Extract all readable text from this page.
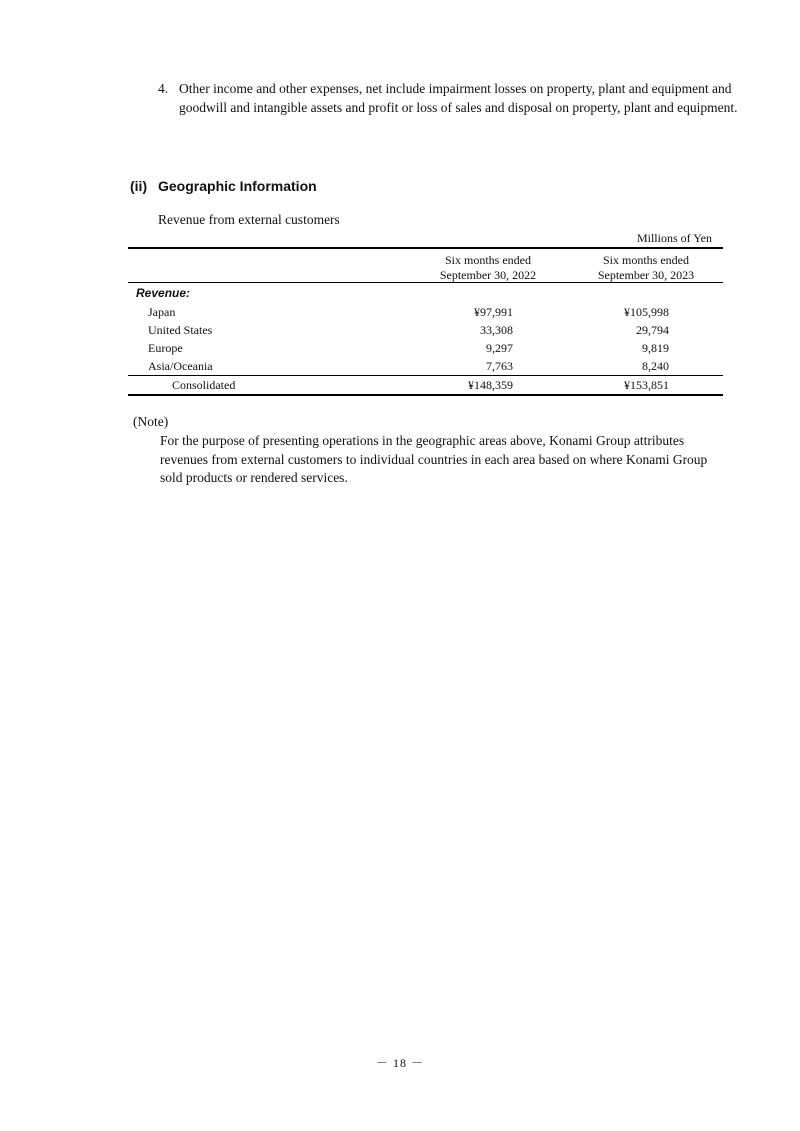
4. Other income and other expenses, net include impairment losses on property, plant and equipment and goodwill and intangible assets and profit or loss of sales and disposal on property, plant and equipment.
(ii) Geographic Information
Revenue from external customers
Millions of Yen
Six months ended
September 30, 2022
Six months ended
September 30, 2023
Revenue:
Japan	¥97,991	¥105,998
United States	33,308	29,794
Europe	9,297	9,819
Asia/Oceania	7,763	8,240
Consolidated	¥148,359	¥153,851
(Note)
For the purpose of presenting operations in the geographic areas above, Konami Group attributes revenues from external customers to individual countries in each area based on where Konami Group sold products or rendered services.
－ 18 －
